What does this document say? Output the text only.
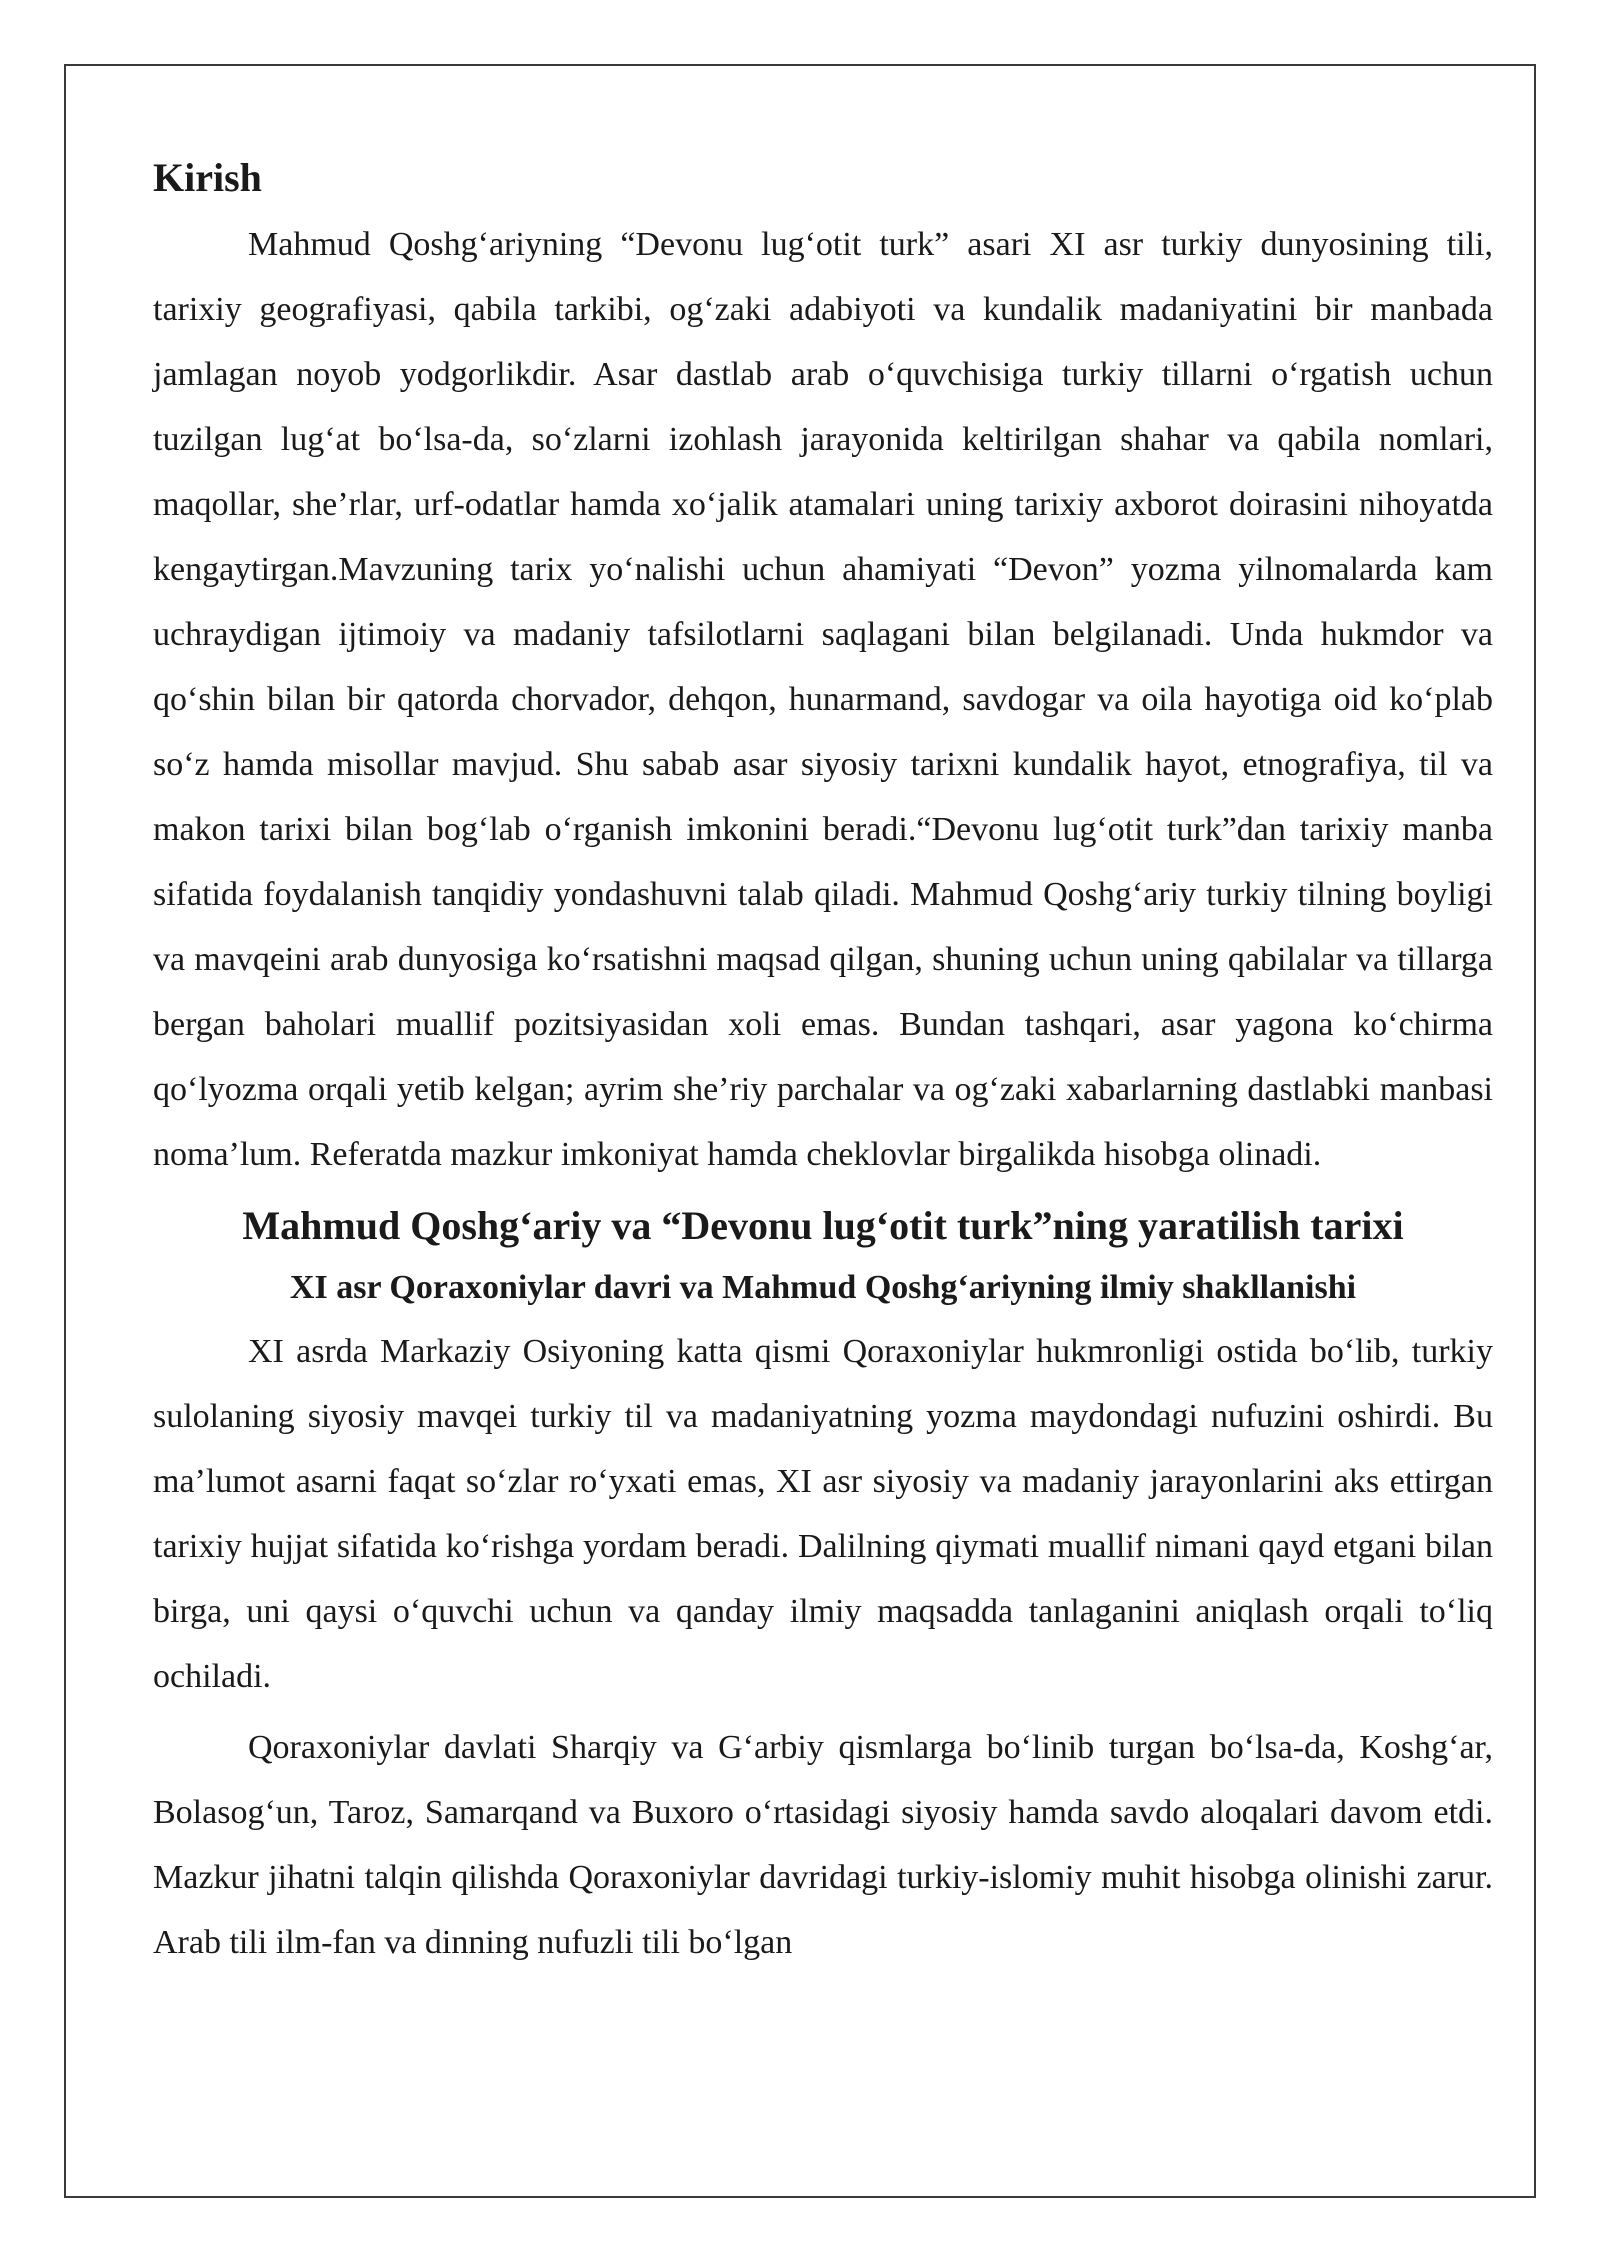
Kirish

Mahmud Qoshg‘ariyning “Devonu lug‘otit turk” asari XI asr turkiy dunyosining tili, tarixiy geografiyasi, qabila tarkibi, og‘zaki adabiyoti va kundalik madaniyatini bir manbada jamlagan noyob yodgorlikdir. Asar dastlab arab o‘quvchisiga turkiy tillarni o‘rgatish uchun tuzilgan lug‘at bo‘lsa-da, so‘zlarni izohlash jarayonida keltirilgan shahar va qabila nomlari, maqollar, she’rlar, urf-odatlar hamda xo‘jalik atamalari uning tarixiy axborot doirasini nihoyatda kengaytirgan.Mavzuning tarix yo‘nalishi uchun ahamiyati “Devon” yozma yilnomalarda kam uchraydigan ijtimoiy va madaniy tafsilotlarni saqlagani bilan belgilanadi. Unda hukmdor va qo‘shin bilan bir qatorda chorvador, dehqon, hunarmand, savdogar va oila hayotiga oid ko‘plab so‘z hamda misollar mavjud. Shu sabab asar siyosiy tarixni kundalik hayot, etnografiya, til va makon tarixi bilan bog‘lab o‘rganish imkonini beradi.“Devonu lug‘otit turk”dan tarixiy manba sifatida foydalanish tanqidiy yondashuvni talab qiladi. Mahmud Qoshg‘ariy turkiy tilning boyligi va mavqeini arab dunyosiga ko‘rsatishni maqsad qilgan, shuning uchun uning qabilalar va tillarga bergan baholari muallif pozitsiyasidan xoli emas. Bundan tashqari, asar yagona ko‘chirma qo‘lyozma orqali yetib kelgan; ayrim she’riy parchalar va og‘zaki xabarlarning dastlabki manbasi noma’lum. Referatda mazkur imkoniyat hamda cheklovlar birgalikda hisobga olinadi.

Mahmud Qoshg‘ariy va “Devonu lug‘otit turk”ning yaratilish tarixi
XI asr Qoraxoniylar davri va Mahmud Qoshg‘ariyning ilmiy shakllanishi

XI asrda Markaziy Osiyoning katta qismi Qoraxoniylar hukmronligi ostida bo‘lib, turkiy sulolaning siyosiy mavqei turkiy til va madaniyatning yozma maydondagi nufuzini oshirdi. Bu ma’lumot asarni faqat so‘zlar ro‘yxati emas, XI asr siyosiy va madaniy jarayonlarini aks ettirgan tarixiy hujjat sifatida ko‘rishga yordam beradi. Dalilning qiymati muallif nimani qayd etgani bilan birga, uni qaysi o‘quvchi uchun va qanday ilmiy maqsadda tanlaganini aniqlash orqali to‘liq ochiladi.

Qoraxoniylar davlati Sharqiy va G‘arbiy qismlarga bo‘linib turgan bo‘lsa-da, Koshg‘ar, Bolasog‘un, Taroz, Samarqand va Buxoro o‘rtasidagi siyosiy hamda savdo aloqalari davom etdi. Mazkur jihatni talqin qilishda Qoraxoniylar davridagi turkiy-islomiy muhit hisobga olinishi zarur. Arab tili ilm-fan va dinning nufuzli tili bo‘lgan
